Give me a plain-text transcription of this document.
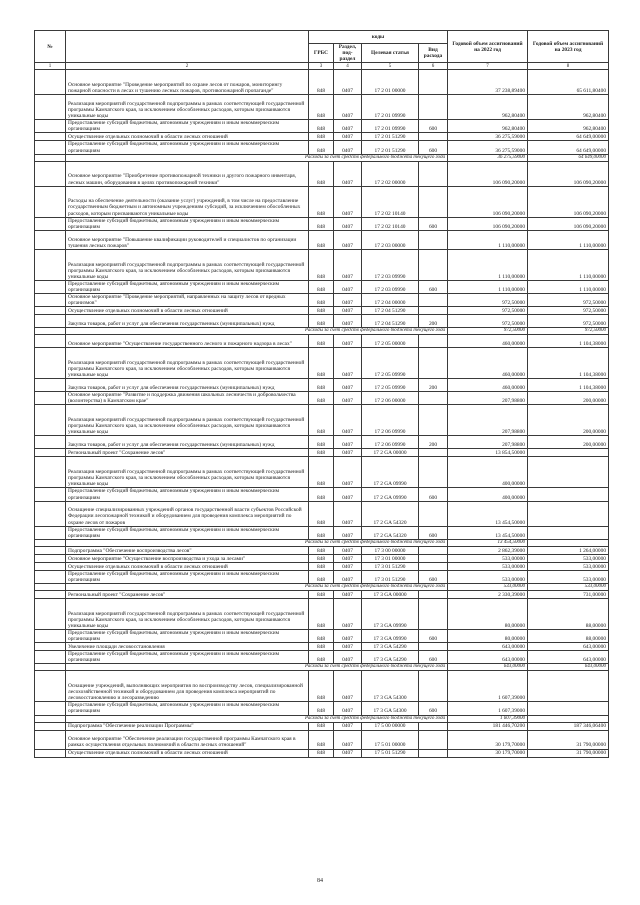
№		коды				Годовой объем ассигнований на 2022 год	Годовой объем ассигнований на 2023 год
		ГРБС	Раздел, под-раздел	Целевая статья	Вид расхода		
1	2	3	4	5	6	7	8
	Основное мероприятие "Проведение мероприятий по охране лесов от пожаров, мониторингу пожарной опасности в лесах и тушению лесных пожаров, противопожарной пропаганде"	848	0407	17 2 01 00000		37 238,89400	65 611,80400
	Реализация мероприятий государственной подпрограммы в рамках соответствующей государственной программы Камчатского края, за исключением обособленных расходов, которым присваиваются уникальные коды	848	0407	17 2 01 09990		962,80400	962,80400
	Предоставление субсидий бюджетным, автономным учреждениям и иным некоммерческим организациям	848	0407	17 2 01 09990	600	962,80400	962,80400
	Осуществление отдельных полномочий в области лесных отношений	848	0407	17 2 01 51290		36 275,59000	64 649,00000
	Предоставление субсидий бюджетным, автономным учреждениям и иным некоммерческим организациям	848	0407	17 2 01 51290	600	36 275,59000	64 649,00000
	Расходы за счет средств федерального бюджета текущего года					36 275,59000	64 649,00000
	Основное мероприятие "Приобретение противопожарной техники и другого пожарного инвентаря, лесных машин, оборудования в целях противопожарной техники"	848	0407	17 2 02 00000		106 090,20000	106 090,20000
	Расходы на обеспечение деятельности (оказание услуг) учреждений, в том числе на предоставление государственным бюджетным и автономным учреждениям субсидий, за исключением обособленных расходов, которым присваиваются уникальные коды	848	0407	17 2 02 10140		106 090,20000	106 090,20000
	Предоставление субсидий бюджетным, автономным учреждениям и иным некоммерческим организациям	848	0407	17 2 02 10140	600	106 090,20000	106 090,20000
	Основное мероприятие "Повышение квалификации руководителей и специалистов по организации тушения лесных пожаров"	848	0407	17 2 03 00000		1 110,00000	1 110,00000
	Реализация мероприятий государственной подпрограммы в рамках соответствующей государственной программы Камчатского края, за исключением обособленных расходов, которым присваиваются уникальные коды	848	0407	17 2 03 09990		1 110,00000	1 110,00000
	Предоставление субсидий бюджетным, автономным учреждениям и иным некоммерческим организациям	848	0407	17 2 03 09990	600	1 110,00000	1 110,00000
	Основное мероприятие "Проведение мероприятий, направленных на защиту лесов от вредных организмов"	848	0407	17 2 04 00000		972,50000	972,50000
	Осуществление отдельных полномочий в области лесных отношений	848	0407	17 2 04 51290		972,50000	972,50000
	Закупка товаров, работ и услуг для обеспечения государственных (муниципальных) нужд	848	0407	17 2 04 51290	200	972,50000	972,50000
	Расходы за счет средств федерального бюджета текущего года					972,50000	972,50000
	Основное мероприятие "Осуществление государственного лесного и пожарного надзора в лесах"	848	0407	17 2 05 00000		460,00000	1 104,38000
	Реализация мероприятий государственной подпрограммы в рамках соответствующей государственной программы Камчатского края, за исключением обособленных расходов, которым присваиваются уникальные коды	848	0407	17 2 05 09990		460,00000	1 104,38000
	Закупка товаров, работ и услуг для обеспечения государственных (муниципальных) нужд	848	0407	17 2 05 09990	200	460,00000	1 104,38000
	Основное мероприятие "Развитие и поддержка движения школьных лесничеств и добровольчества (волонтерства) в Камчатском крае"	848	0407	17 2 06 00000		207,98800	200,00000
	Реализация мероприятий государственной подпрограммы в рамках соответствующей государственной программы Камчатского края, за исключением обособленных расходов, которым присваиваются уникальные коды	848	0407	17 2 06 09990		207,98800	200,00000
	Закупка товаров, работ и услуг для обеспечения государственных (муниципальных) нужд	848	0407	17 2 06 09990	200	207,98800	200,00000
	Региональный проект "Сохранение лесов"	848	0407	17 2 GA 00000		13 854,50000	
	Реализация мероприятий государственной подпрограммы в рамках соответствующей государственной программы Камчатского края, за исключением обособленных расходов, которым присваиваются уникальные коды	848	0407	17 2 GA 09990		400,00000	
	Предоставление субсидий бюджетным, автономным учреждениям и иным некоммерческим организациям	848	0407	17 2 GA 09990	600	400,00000	
	Оснащение специализированных учреждений органов государственной власти субъектов Российской Федерации лесопожарной техникой и оборудованием для проведения комплекса мероприятий по охране лесов от пожаров	848	0407	17 2 GA 54320		13 454,50000	
	Предоставление субсидий бюджетным, автономным учреждениям и иным некоммерческим организациям	848	0407	17 2 GA 54320	600	13 454,50000	
	Расходы за счет средств федерального бюджета текущего года					13 454,50000	
	Подпрограмма "Обеспечение воспроизводства лесов"	848	0407	17 3 00 00000		2 862,39000	1 264,00000
	Основное мероприятие "Осуществление воспроизводства и ухода за лесами"	848	0407	17 3 01 00000		533,00000	533,00000
	Осуществление отдельных полномочий в области лесных отношений	848	0407	17 3 01 51290		533,00000	533,00000
	Предоставление субсидий бюджетным, автономным учреждениям и иным некоммерческим организациям	848	0407	17 3 01 51290	600	533,00000	533,00000
	Расходы за счет средств федерального бюджета текущего года					533,00000	533,00000
	Региональный проект "Сохранение лесов"	848	0407	17 3 GA 00000		2 330,39000	731,00000
	Реализация мероприятий государственной подпрограммы в рамках соответствующей государственной программы Камчатского края, за исключением обособленных расходов, которым присваиваются уникальные коды	848	0407	17 3 GA 09990		80,00000	88,00000
	Предоставление субсидий бюджетным, автономным учреждениям и иным некоммерческим организациям	848	0407	17 3 GA 09990	600	80,00000	88,00000
	Увеличение площади лесовосстановления	848	0407	17 3 GA 54290		643,00000	643,00000
	Предоставление субсидий бюджетным, автономным учреждениям и иным некоммерческим организациям	848	0407	17 3 GA 54290	600	643,00000	643,00000
	Расходы за счет средств федерального бюджета текущего года					643,00000	643,00000
	Оснащение учреждений, выполняющих мероприятия по воспроизводству лесов, специализированной лесохозяйственной техникой и оборудованием для проведения комплекса мероприятий по лесовосстановлению и лесоразведению	848	0407	17 3 GA 54300		1 607,39000	
	Предоставление субсидий бюджетным, автономным учреждениям и иным некоммерческим организациям	848	0407	17 3 GA 54300	600	1 607,39000	
	Расходы за счет средств федерального бюджета текущего года					1 607,39000	
	Подпрограмма "Обеспечение реализации Программы"	848	0407	17 5 00 00000		181 446,70200	187 346,06400
	Основное мероприятие "Обеспечение реализации государственной программы Камчатского края в рамках осуществления отдельных полномочий в области лесных отношений"	848	0407	17 5 01 00000		30 179,70000	31 790,00000
	Осуществление отдельных полномочий в области лесных отношений	848	0407	17 5 01 51290		30 179,70000	31 790,00000
84
